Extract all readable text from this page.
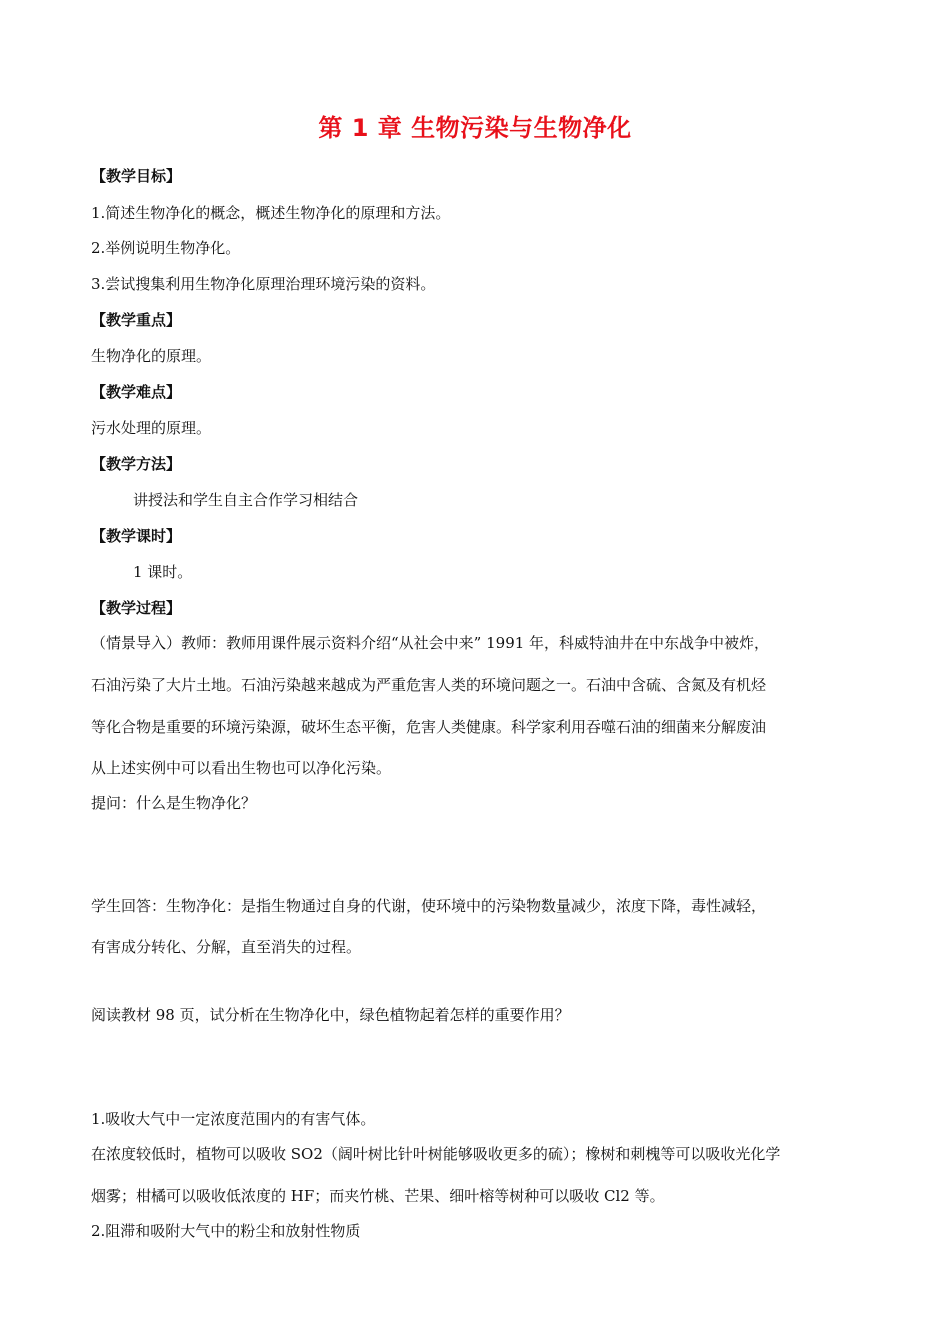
第 1 章 生物污染与生物净化
【教学目标】
1.简述生物净化的概念，概述生物净化的原理和方法。
2.举例说明生物净化。
3.尝试搜集利用生物净化原理治理环境污染的资料。
【教学重点】
生物净化的原理。
【教学难点】
污水处理的原理。
【教学方法】
讲授法和学生自主合作学习相结合
【教学课时】
1 课时。
【教学过程】
（情景导入）教师：教师用课件展示资料介绍“从社会中来” 1991 年，科威特油井在中东战争中被炸，
石油污染了大片土地。石油污染越来越成为严重危害人类的环境问题之一。石油中含硫、含氮及有机烃
等化合物是重要的环境污染源，破坏生态平衡，危害人类健康。科学家利用吞噬石油的细菌来分解废油
从上述实例中可以看出生物也可以净化污染。
提问：什么是生物净化？
学生回答：生物净化：是指生物通过自身的代谢，使环境中的污染物数量减少，浓度下降，毒性减轻，
有害成分转化、分解，直至消失的过程。
阅读教材 98 页，试分析在生物净化中，绿色植物起着怎样的重要作用？
1.吸收大气中一定浓度范围内的有害气体。
在浓度较低时，植物可以吸收 SO2（阔叶树比针叶树能够吸收更多的硫）；橡树和刺槐等可以吸收光化学
烟雾；柑橘可以吸收低浓度的 HF；而夹竹桃、芒果、细叶榕等树种可以吸收 Cl2 等。
2.阻滞和吸附大气中的粉尘和放射性物质
